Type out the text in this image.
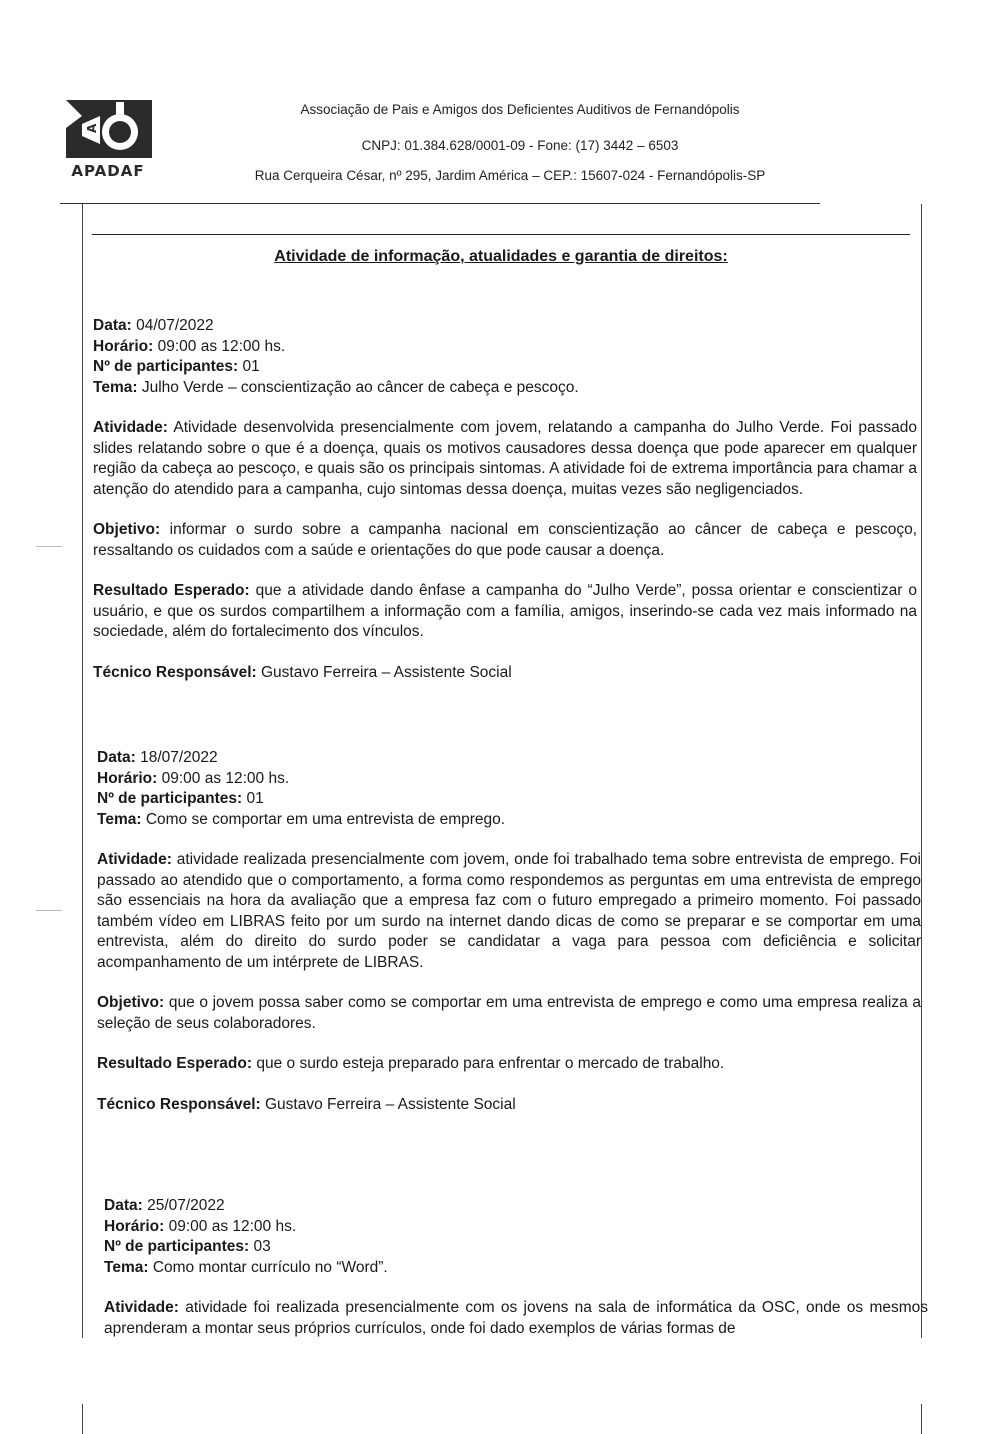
A
APADAF
Associação de Pais e Amigos dos Deficientes Auditivos de Fernandópolis
CNPJ: 01.384.628/0001-09 - Fone: (17) 3442 – 6503
Rua Cerqueira César, nº 295, Jardim América – CEP.: 15607-024 - Fernandópolis-SP
Atividade de informação, atualidades e garantia de direitos:

Data: 04/07/2022

Horário: 09:00 as 12:00 hs.

Nº de participantes: 01

Tema: Julho Verde – conscientização ao câncer de cabeça e pescoço.

Atividade: Atividade desenvolvida presencialmente com jovem, relatando a campanha do Julho Verde. Foi passado slides relatando sobre o que é a doença, quais os motivos causadores dessa doença que pode aparecer em qualquer região da cabeça ao pescoço, e quais são os principais sintomas. A atividade foi de extrema importância para chamar a atenção do atendido para a campanha, cujo sintomas dessa doença, muitas vezes são negligenciados.

Objetivo: informar o surdo sobre a campanha nacional em conscientização ao câncer de cabeça e pescoço, ressaltando os cuidados com a saúde e orientações do que pode causar a doença.

Resultado Esperado: que a atividade dando ênfase a campanha do “Julho Verde”, possa orientar e conscientizar o usuário, e que os surdos compartilhem a informação com a família, amigos, inserindo-se cada vez mais informado na sociedade, além do fortalecimento dos vínculos.

Técnico Responsável: Gustavo Ferreira – Assistente Social

Data: 18/07/2022

Horário: 09:00 as 12:00 hs.

Nº de participantes: 01

Tema: Como se comportar em uma entrevista de emprego.

Atividade: atividade realizada presencialmente com jovem, onde foi trabalhado tema sobre entrevista de emprego. Foi passado ao atendido que o comportamento, a forma como respondemos as perguntas em uma entrevista de emprego são essenciais na hora da avaliação que a empresa faz com o futuro empregado a primeiro momento. Foi passado também vídeo em LIBRAS feito por um surdo na internet dando dicas de como se preparar e se comportar em uma entrevista, além do direito do surdo poder se candidatar a vaga para pessoa com deficiência e solicitar acompanhamento de um intérprete de LIBRAS.

Objetivo: que o jovem possa saber como se comportar em uma entrevista de emprego e como uma empresa realiza a seleção de seus colaboradores.

Resultado Esperado: que o surdo esteja preparado para enfrentar o mercado de trabalho.

Técnico Responsável: Gustavo Ferreira – Assistente Social

Data: 25/07/2022

Horário: 09:00 as 12:00 hs.

Nº de participantes: 03

Tema: Como montar currículo no “Word”.

Atividade: atividade foi realizada presencialmente com os jovens na sala de informática da OSC, onde os mesmos aprenderam a montar seus próprios currículos, onde foi dado exemplos de várias formas de
